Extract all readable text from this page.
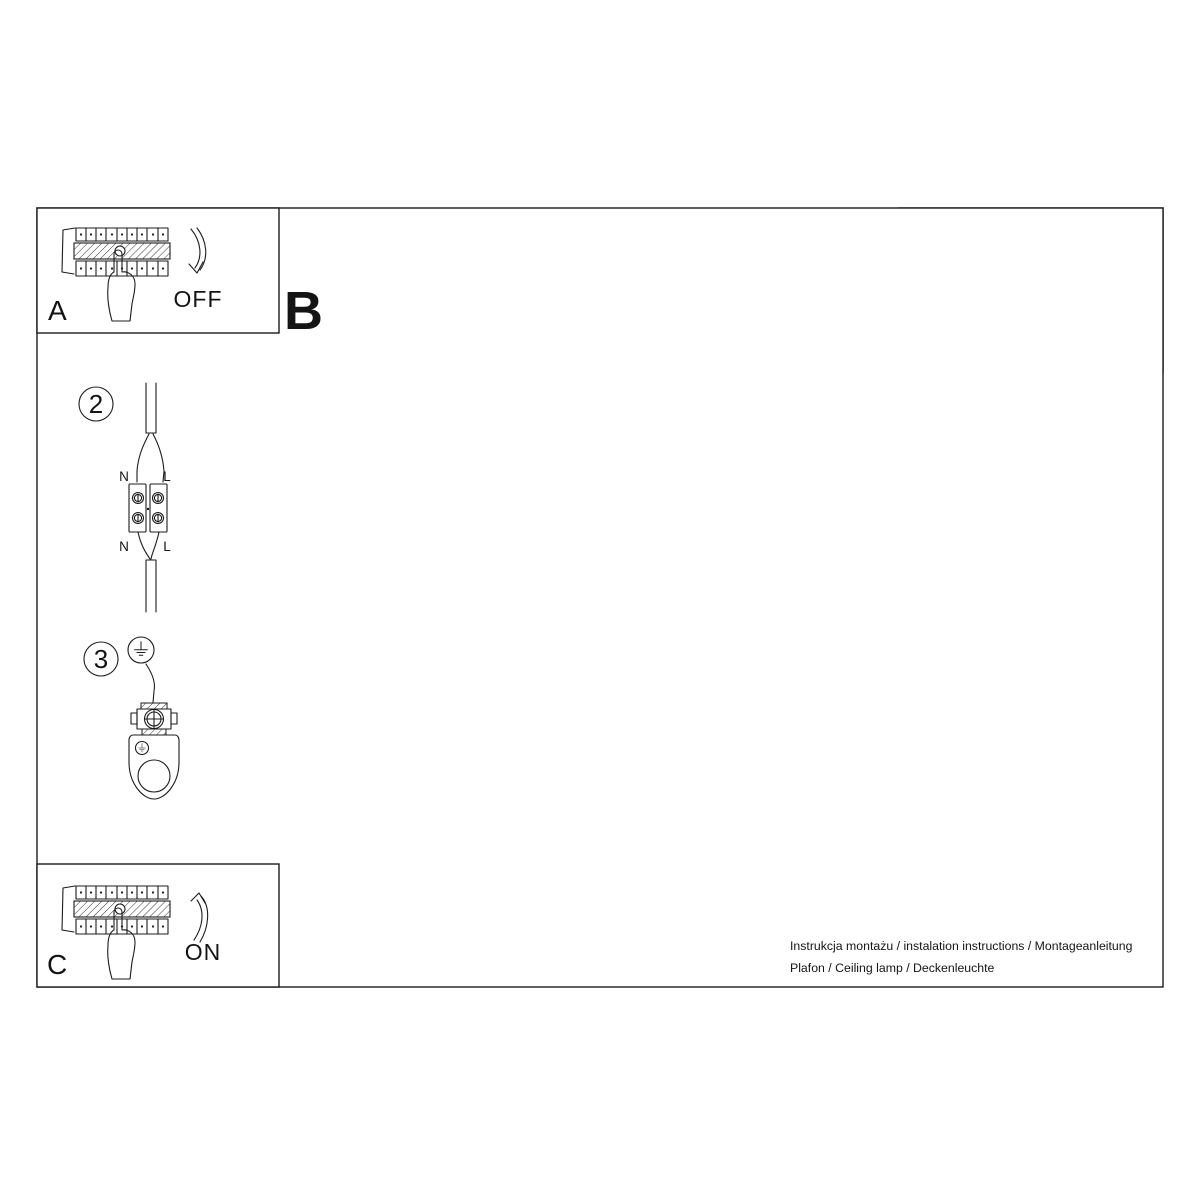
A	OFF B
C	ON
2
N	L
N	L
3
Instrukcja montażu / instalation instructions / Montageanleitung
Plafon / Ceiling lamp / Deckenleuchte
